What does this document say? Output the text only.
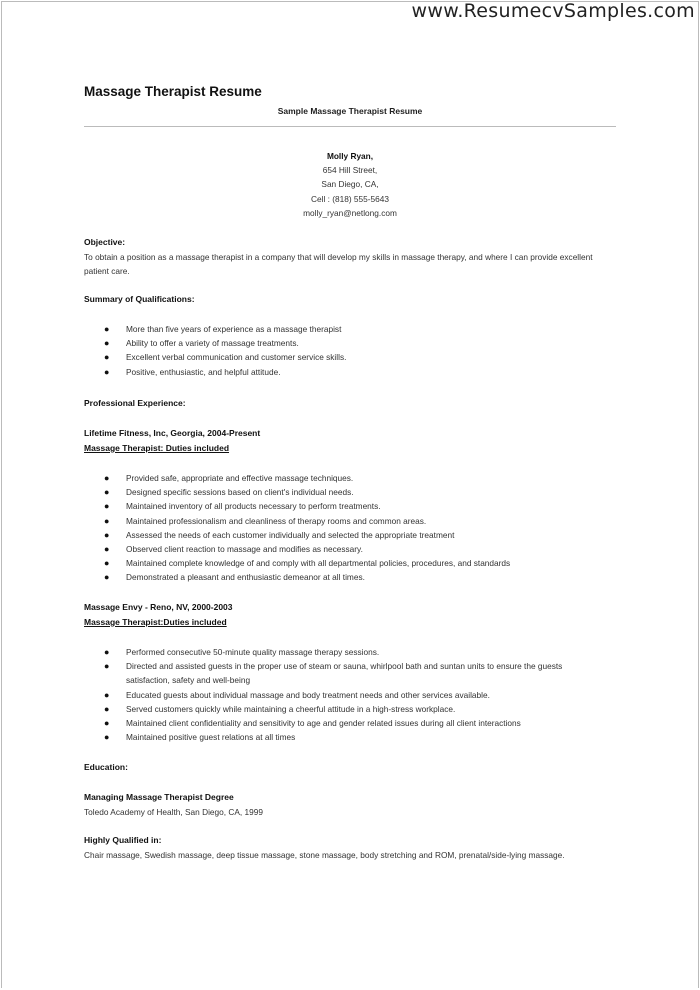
www.ResumecvSamples.com
Massage Therapist Resume
Sample Massage Therapist Resume
Molly Ryan,
654 Hill Street,
San Diego, CA,
Cell : (818) 555-5643
molly_ryan@netlong.com
Objective:
To obtain a position as a massage therapist in a company that will develop my skills in massage therapy, and where I can provide excellent patient care.
Summary of Qualifications:
● More than five years of experience as a massage therapist
● Ability to offer a variety of massage treatments.
● Excellent verbal communication and customer service skills.
● Positive, enthusiastic, and helpful attitude.
Professional Experience:
Lifetime Fitness, Inc, Georgia, 2004-Present
Massage Therapist: Duties included
● Provided safe, appropriate and effective massage techniques.
● Designed specific sessions based on client's individual needs.
● Maintained inventory of all products necessary to perform treatments.
● Maintained professionalism and cleanliness of therapy rooms and common areas.
● Assessed the needs of each customer individually and selected the appropriate treatment
● Observed client reaction to massage and modifies as necessary.
● Maintained complete knowledge of and comply with all departmental policies, procedures, and standards
● Demonstrated a pleasant and enthusiastic demeanor at all times.
Massage Envy - Reno, NV, 2000-2003
Massage Therapist:Duties included
● Performed consecutive 50-minute quality massage therapy sessions.
● Directed and assisted guests in the proper use of steam or sauna, whirlpool bath and suntan units to ensure the guests satisfaction, safety and well-being
● Educated guests about individual massage and body treatment needs and other services available.
● Served customers quickly while maintaining a cheerful attitude in a high-stress workplace.
● Maintained client confidentiality and sensitivity to age and gender related issues during all client interactions
● Maintained positive guest relations at all times
Education:
Managing Massage Therapist Degree
Toledo Academy of Health, San Diego, CA, 1999
Highly Qualified in:
Chair massage, Swedish massage, deep tissue massage, stone massage, body stretching and ROM, prenatal/side-lying massage.
